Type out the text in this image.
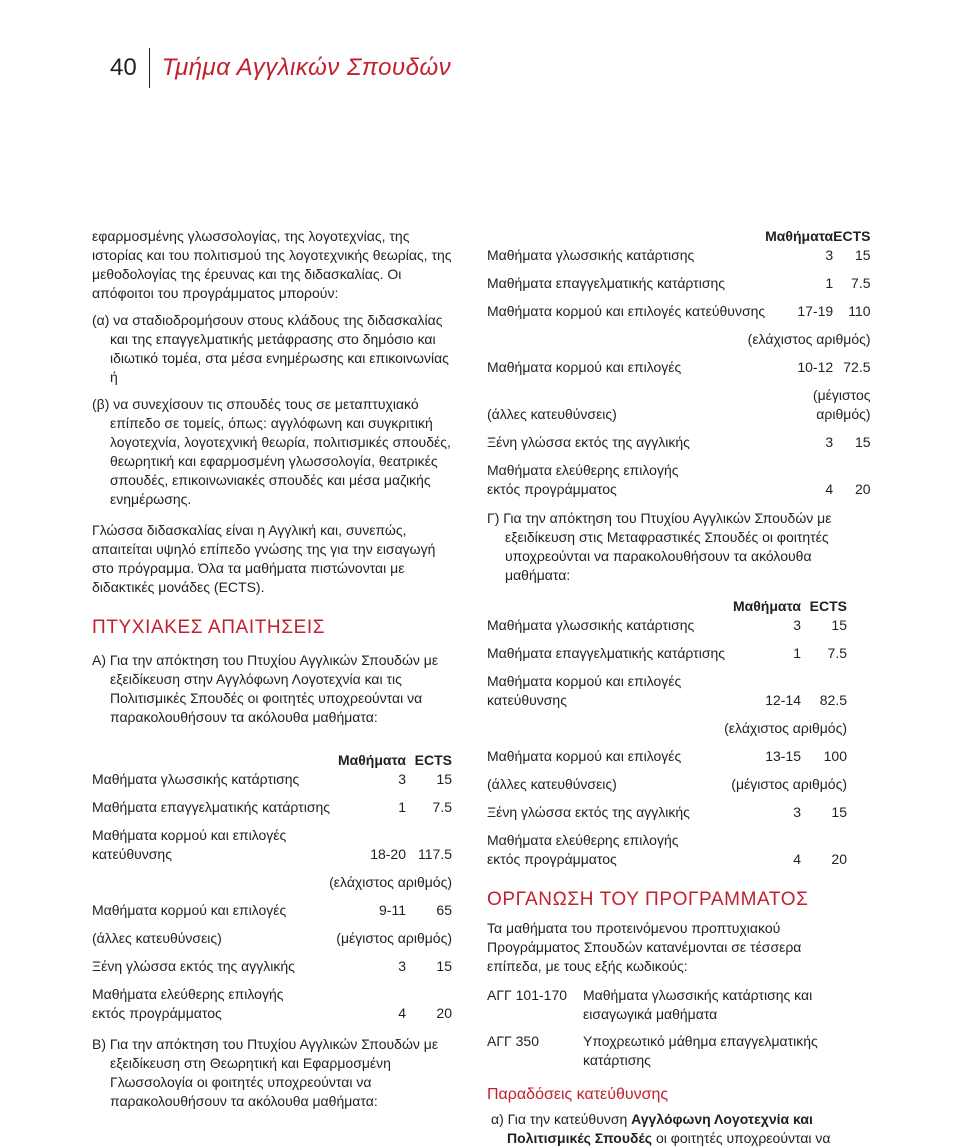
40	Τμήμα Αγγλικών Σπουδών

εφαρμοσμένης γλωσσολογίας, της λογοτεχνίας, της ιστορίας και του πολιτισμού της λογοτεχνικής θεωρίας, της μεθοδολογίας της έρευνας και της διδασκαλίας. Οι απόφοιτοι του προγράμματος μπορούν:

(α) να σταδιοδρομήσουν στους κλάδους της διδασκαλίας και της επαγγελματικής μετάφρασης στο δημόσιο και ιδιωτικό τομέα, στα μέσα ενημέρωσης και επικοινωνίας ή

(β) να συνεχίσουν τις σπουδές τους σε μεταπτυχιακό επίπεδο σε τομείς, όπως: αγγλόφωνη και συγκριτική λογοτεχνία, λογοτεχνική θεωρία, πολιτισμικές σπουδές, θεωρητική και εφαρμοσμένη γλωσσολογία, θεατρικές σπουδές, επικοινωνιακές σπουδές και μέσα μαζικής ενημέρωσης.

Γλώσσα διδασκαλίας είναι η Αγγλική και, συνεπώς, απαιτείται υψηλό επίπεδο γνώσης της για την εισαγωγή στο πρόγραμμα. Όλα τα μαθήματα πιστώνονται με διδακτικές μονάδες (ECTS).

ΠΤΥΧΙΑΚΕΣ ΑΠΑΙΤΗΣΕΙΣ

Α) Για την απόκτηση του Πτυχίου Αγγλικών Σπουδών με εξειδίκευση στην Αγγλόφωνη Λογοτεχνία και τις Πολιτισμικές Σπουδές οι φοιτητές υποχρεούνται να παρακολουθήσουν τα ακόλουθα μαθήματα:

	Μαθήματα	ECTS
Μαθήματα γλωσσικής κατάρτισης	3	15
Μαθήματα επαγγελματικής κατάρτισης	1	7.5
Μαθήματα κορμού και επιλογές
κατεύθυνσης	18-20	117.5
(ελάχιστος αριθμός)		
Μαθήματα κορμού και επιλογές	9-11	65
(άλλες κατευθύνσεις)	(μέγιστος αριθμός)	
Ξένη γλώσσα εκτός της αγγλικής	3	15
Μαθήματα ελεύθερης επιλογής
εκτός προγράμματος	4	20

Β) Για την απόκτηση του Πτυχίου Αγγλικών Σπουδών με εξειδίκευση στη Θεωρητική και Εφαρμοσμένη Γλωσσολογία οι φοιτητές υποχρεούνται να παρακολουθήσουν τα ακόλουθα μαθήματα:

	Μαθήματα	ECTS
Μαθήματα γλωσσικής κατάρτισης	3	15
Μαθήματα επαγγελματικής κατάρτισης	1	7.5
Μαθήματα κορμού και επιλογές κατεύθυνσης	17-19	110
(ελάχιστος αριθμός)		
Μαθήματα κορμού και επιλογές	10-12	72.5
(άλλες κατευθύνσεις)	(μέγιστος αριθμός)	
Ξένη γλώσσα εκτός της αγγλικής	3	15
Μαθήματα ελεύθερης επιλογής
εκτός προγράμματος	4	20

Γ) Για την απόκτηση του Πτυχίου Αγγλικών Σπουδών με εξειδίκευση στις Μεταφραστικές Σπουδές οι φοιτητές υποχρεούνται να παρακολουθήσουν τα ακόλουθα μαθήματα:

	Μαθήματα	ECTS
Μαθήματα γλωσσικής κατάρτισης	3	15
Μαθήματα επαγγελματικής κατάρτισης	1	7.5
Μαθήματα κορμού και επιλογές
κατεύθυνσης	12-14	82.5
(ελάχιστος αριθμός)		
Μαθήματα κορμού και επιλογές	13-15	100
(άλλες κατευθύνσεις)	(μέγιστος αριθμός)	
Ξένη γλώσσα εκτός της αγγλικής	3	15
Μαθήματα ελεύθερης επιλογής
εκτός προγράμματος	4	20
ΟΡΓΑΝΩΣΗ ΤΟΥ ΠΡΟΓΡΑΜΜΑΤΟΣ

Τα μαθήματα του προτεινόμενου προπτυχιακού Προγράμματος Σπουδών κατανέμονται σε τέσσερα επίπεδα, με τους εξής κωδικούς:

ΑΓΓ 101-170	Μαθήματα γλωσσικής κατάρτισης και εισαγωγικά μαθήματα
ΑΓΓ 350	Υποχρεωτικό μάθημα επαγγελματικής κατάρτισης
Παραδόσεις κατεύθυνσης

α) Για την κατεύθυνση Αγγλόφωνη Λογοτεχνία και Πολιτισμικές Σπουδές οι φοιτητές υποχρεούνται να
